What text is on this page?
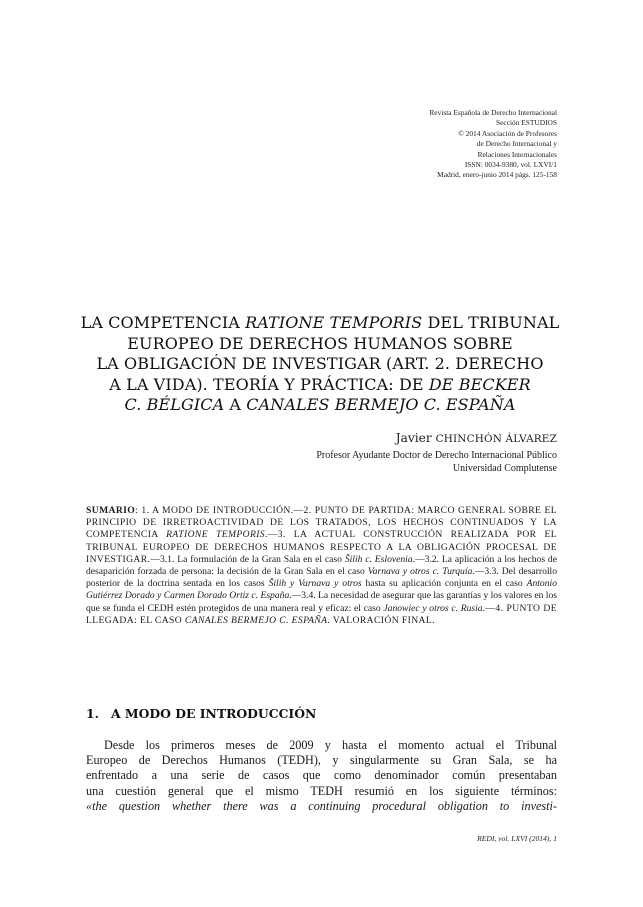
Revista Española de Derecho Internacional
Sección ESTUDIOS
© 2014 Asociación de Profesores
de Derecho Internacional y
Relaciones Internacionales
ISSN: 0034-9380, vol. LXVI/1
Madrid, enero-junio 2014 págs. 125-158
LA COMPETENCIA RATIONE TEMPORIS DEL TRIBUNAL
EUROPEO DE DERECHOS HUMANOS SOBRE
LA OBLIGACIÓN DE INVESTIGAR (ART. 2. DERECHO
A LA VIDA). TEORÍA Y PRÁCTICA: DE DE BECKER
C. BÉLGICA A CANALES BERMEJO C. ESPAÑA
Javier CHINCHÓN ÁLVAREZ
Profesor Ayudante Doctor de Derecho Internacional Público
Universidad Complutense
SUMARIO: 1. A MODO DE INTRODUCCIÓN.—2. PUNTO DE PARTIDA: MARCO GENERAL SOBRE EL PRINCIPIO DE IRRETROACTIVIDAD DE LOS TRATADOS, LOS HECHOS CONTINUADOS Y LA COMPETENCIA RATIONE TEMPORIS.—3. LA ACTUAL CONSTRUCCIÓN REALIZADA POR EL TRIBUNAL EUROPEO DE DERECHOS HUMANOS RESPECTO A LA OBLIGACIÓN PROCESAL DE INVESTIGAR.—3.1. La formulación de la Gran Sala en el caso Šilih c. Eslovenia.—3.2. La aplicación a los hechos de desaparición forzada de persona: la decisión de la Gran Sala en el caso Varnava y otros c. Turquía.—3.3. Del desarrollo posterior de la doctrina sentada en los casos Šilih y Varnava y otros hasta su aplicación conjunta en el caso Antonio Gutiérrez Dorado y Carmen Dorado Ortiz c. España.—3.4. La necesidad de asegurar que las garantías y los valores en los que se funda el CEDH estén protegidos de una manera real y eficaz: el caso Janowiec y otros c. Rusia.—4. PUNTO DE LLEGADA: EL CASO CANALES BERMEJO C. ESPAÑA. VALORACIÓN FINAL.
1. A MODO DE INTRODUCCIÓN
Desde los primeros meses de 2009 y hasta el momento actual el Tribunal
Europeo de Derechos Humanos (TEDH), y singularmente su Gran Sala, se ha
enfrentado a una serie de casos que como denominador común presentaban
una cuestión general que el mismo TEDH resumió en los siguiente términos:
«the question whether there was a continuing procedural obligation to investi-
REDI, vol. LXVI (2014), 1
